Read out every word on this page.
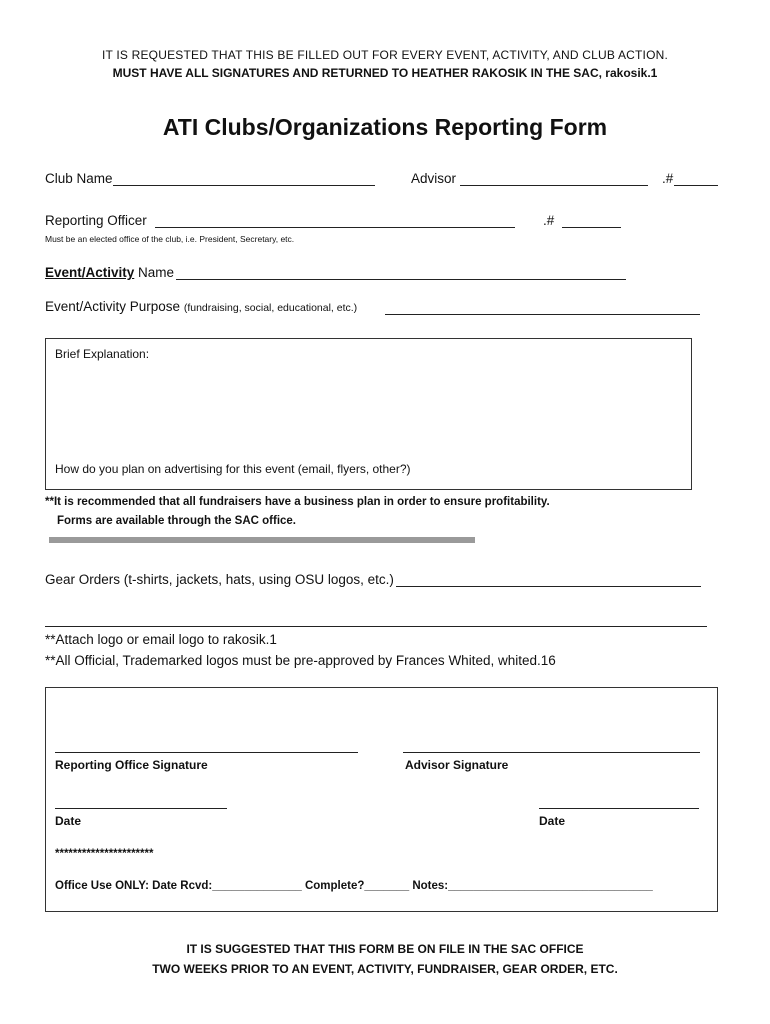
IT IS REQUESTED THAT THIS BE FILLED OUT FOR EVERY EVENT, ACTIVITY, AND CLUB ACTION.
MUST HAVE ALL SIGNATURES AND RETURNED TO HEATHER RAKOSIK IN THE SAC, rakosik.1
ATI Clubs/Organizations Reporting Form
Club Name	Advisor	.#
Reporting Officer	.#
Must be an elected office of the club, i.e. President, Secretary, etc.
Event/Activity Name
Event/Activity Purpose (fundraising, social, educational, etc.)
Brief Explanation:
How do you plan on advertising for this event (email, flyers, other?)
**It is recommended that all fundraisers have a business plan in order to ensure profitability.
Forms are available through the SAC office.
Gear Orders (t-shirts, jackets, hats, using OSU logos, etc.)
**Attach logo or email logo to rakosik.1
**All Official, Trademarked logos must be pre-approved by Frances Whited, whited.16
Reporting Office Signature	Advisor Signature
Date	Date
**********************
Office Use ONLY: Date Rcvd:______________ Complete?_______ Notes:________________________________
IT IS SUGGESTED THAT THIS FORM BE ON FILE IN THE SAC OFFICE
TWO WEEKS PRIOR TO AN EVENT, ACTIVITY, FUNDRAISER, GEAR ORDER, ETC.
